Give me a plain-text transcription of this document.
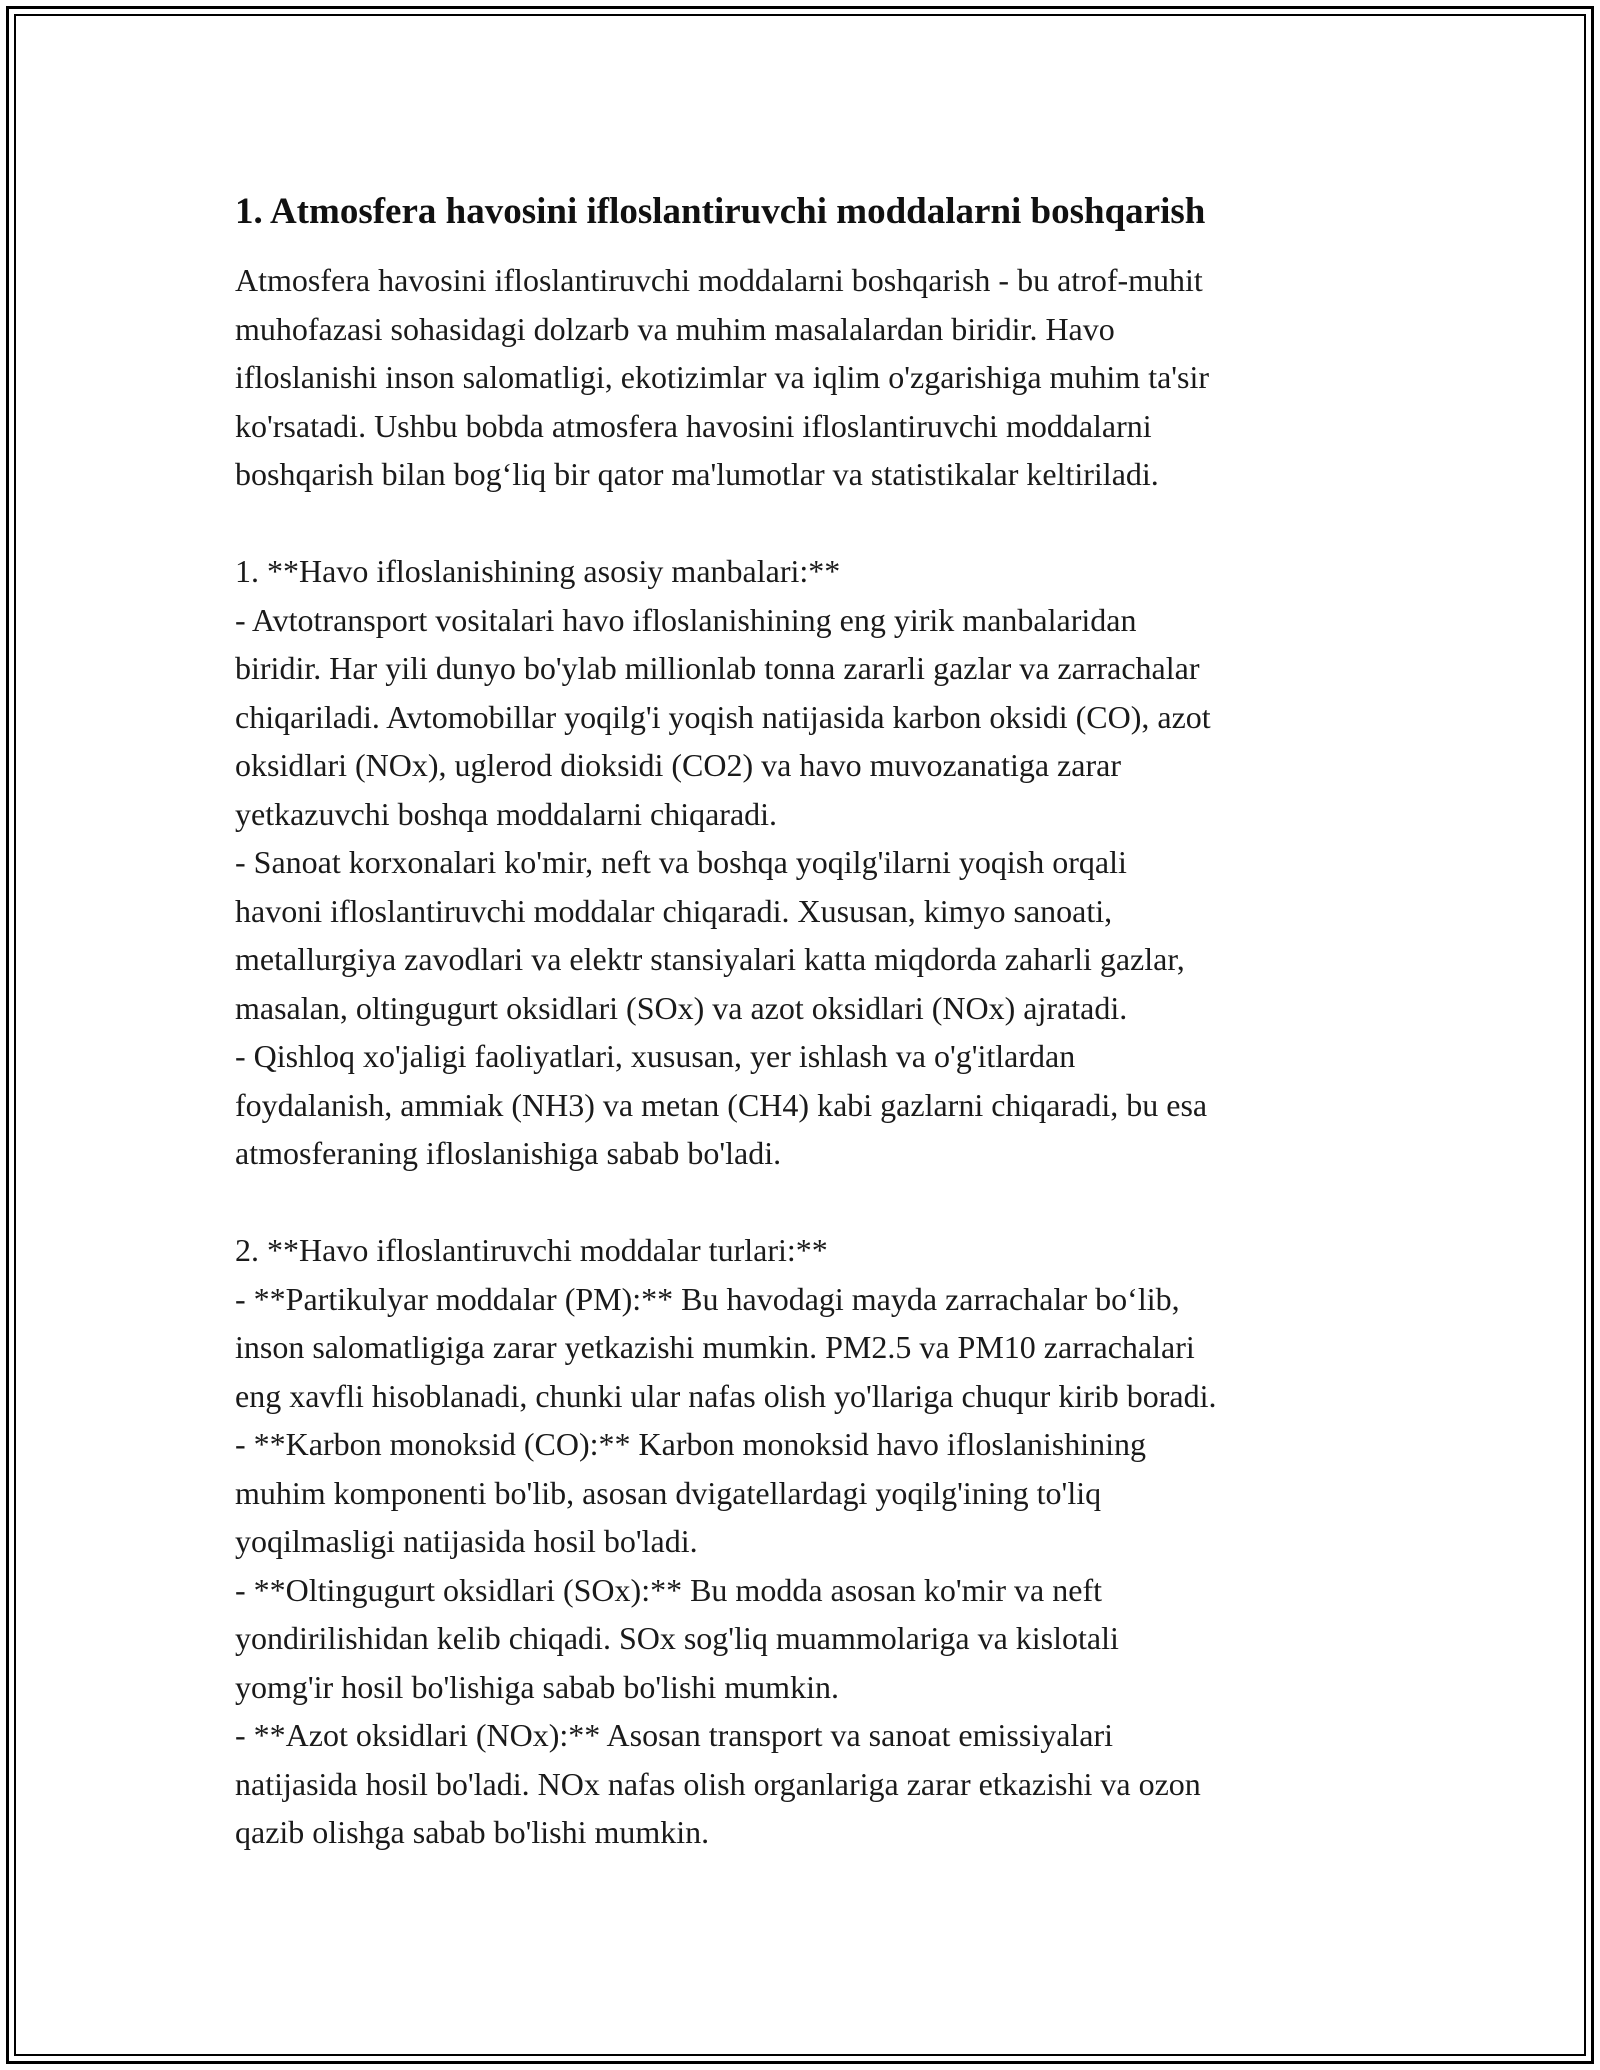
1. Atmosfera havosini ifloslantiruvchi moddalarni boshqarish

Atmosfera havosini ifloslantiruvchi moddalarni boshqarish - bu atrof-muhit
muhofazasi sohasidagi dolzarb va muhim masalalardan biridir. Havo
ifloslanishi inson salomatligi, ekotizimlar va iqlim o'zgarishiga muhim ta'sir
ko'rsatadi. Ushbu bobda atmosfera havosini ifloslantiruvchi moddalarni
boshqarish bilan bog‘liq bir qator ma'lumotlar va statistikalar keltiriladi.

1. **Havo ifloslanishining asosiy manbalari:**

- Avtotransport vositalari havo ifloslanishining eng yirik manbalaridan
biridir. Har yili dunyo bo'ylab millionlab tonna zararli gazlar va zarrachalar
chiqariladi. Avtomobillar yoqilg'i yoqish natijasida karbon oksidi (CO), azot
oksidlari (NOx), uglerod dioksidi (CO2) va havo muvozanatiga zarar
yetkazuvchi boshqa moddalarni chiqaradi.

- Sanoat korxonalari ko'mir, neft va boshqa yoqilg'ilarni yoqish orqali
havoni ifloslantiruvchi moddalar chiqaradi. Xususan, kimyo sanoati,
metallurgiya zavodlari va elektr stansiyalari katta miqdorda zaharli gazlar,
masalan, oltingugurt oksidlari (SOx) va azot oksidlari (NOx) ajratadi.

- Qishloq xo'jaligi faoliyatlari, xususan, yer ishlash va o'g'itlardan
foydalanish, ammiak (NH3) va metan (CH4) kabi gazlarni chiqaradi, bu esa
atmosferaning ifloslanishiga sabab bo'ladi.

2. **Havo ifloslantiruvchi moddalar turlari:**

- **Partikulyar moddalar (PM):** Bu havodagi mayda zarrachalar bo‘lib,
inson salomatligiga zarar yetkazishi mumkin. PM2.5 va PM10 zarrachalari
eng xavfli hisoblanadi, chunki ular nafas olish yo'llariga chuqur kirib boradi.

- **Karbon monoksid (CO):** Karbon monoksid havo ifloslanishining
muhim komponenti bo'lib, asosan dvigatellardagi yoqilg'ining to'liq
yoqilmasligi natijasida hosil bo'ladi.

- **Oltingugurt oksidlari (SOx):** Bu modda asosan ko'mir va neft
yondirilishidan kelib chiqadi. SOx sog'liq muammolariga va kislotali
yomg'ir hosil bo'lishiga sabab bo'lishi mumkin.

- **Azot oksidlari (NOx):** Asosan transport va sanoat emissiyalari
natijasida hosil bo'ladi. NOx nafas olish organlariga zarar etkazishi va ozon
qazib olishga sabab bo'lishi mumkin.
